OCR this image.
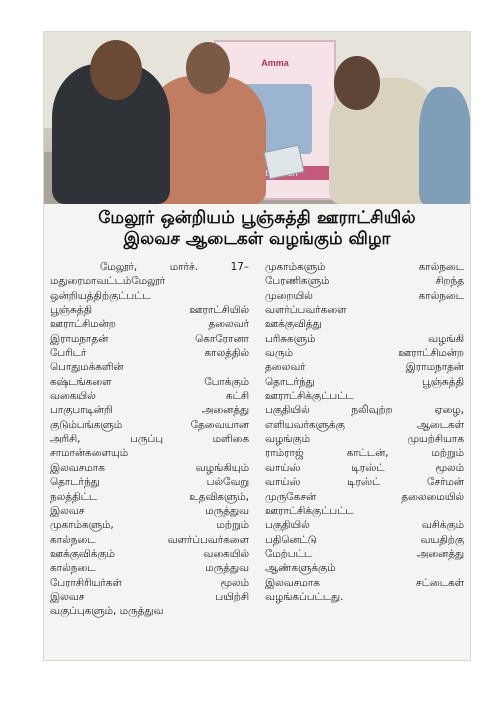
Amma
மேலூர் ஒன்றியம் பூஞ்சுத்தி ஊராட்சியில்
இலவச ஆடைகள் வழங்கும் விழா

மேலூர், மார்ச். 17–
மதுரைமாவட்டம்மேலூர்
ஒன்றியத்திற்குட்பட்ட
பூஞ்சுத்தி ஊராட்சியில்
ஊராட்சிமன்ற தலைவர்
இராமநாதன் கொரோனா
பேரிடர் காலத்தில்
பொதுமக்களின்
கஷ்டங்களை போக்கும்
வகையில் கட்சி
பாகுபாடின்றி அனைத்து
குடும்பங்களும் தேவையான
அரிசி, பருப்பு மளிகை
சாமான்களையும்
இலவசமாக வழங்கியும்
தொடர்ந்து பல்வேறு
நலத்திட்ட உதவிகளும்,
இலவச மருத்துவ
முகாம்களும், மற்றும்
கால்நடை வளர்ப்பவர்களை
ஊக்குவிக்கும் வகையில்
கால்நடை மருத்துவ
பேராசிரியர்கள் மூலம்
இலவச பயிற்சி
வகுப்புகளும், மருத்துவ

முகாம்களும் கால்நடை
பேரணிகளும் சிறந்த
முறையில் கால்நடை
வளர்ப்பவர்களை
ஊக்குவித்து
பரிசுகளும் வழங்கி
வரும் ஊராட்சிமன்ற
தலைவர் இராமநாதன்
தொடர்ந்து பூஞ்சுத்தி
ஊராட்சிக்குட்பட்ட
பகுதியில் நலிவுற்ற ஏழை,
எளியவர்களுக்கு ஆடைகள்
வழங்கும் முயற்சியாக
ராம்ராஜ் காட்டன், மற்றும்
வாய்ஸ் டிரஸ்ட் மூலம்
வாய்ஸ் டிரஸ்ட் சேர்மன்
முருகேசன் தலைமையில்
ஊராட்சிக்குட்பட்ட
பகுதியில் வசிக்கும்
பதினெட்டு வயதிற்கு
மேற்பட்ட அனைத்து
ஆண்களுக்கும்
இலவசமாக சட்டைகள்
வழங்கப்பட்டது.
